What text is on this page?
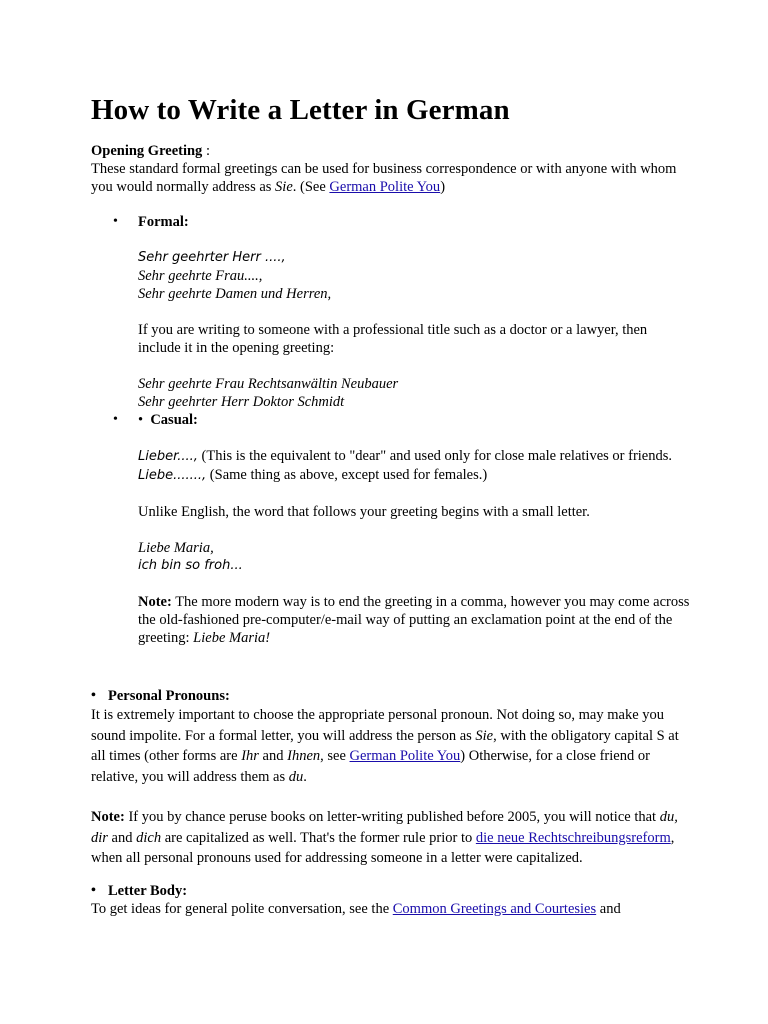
How to Write a Letter in German

Opening Greeting :

These standard formal greetings can be used for business correspondence or with anyone with whom you would normally address as Sie. (See German Polite You)

• Formal:

Sehr geehrter Herr ....,

Sehr geehrte Frau....,

Sehr geehrte Damen und Herren,

If you are writing to someone with a professional title such as a doctor or a lawyer, then include it in the opening greeting:

Sehr geehrte Frau Rechtsanwältin Neubauer

Sehr geehrter Herr Doktor Schmidt

• •  Casual:

Lieber...., (This is the equivalent to "dear" and used only for close male relatives or friends.

Liebe......., (Same thing as above, except used for females.)

Unlike English, the word that follows your greeting begins with a small letter.

Liebe Maria,

ich bin so froh...

Note: The more modern way is to end the greeting in a comma, however you may come across the old-fashioned pre-computer/e-mail way of putting an exclamation point at the end of the greeting: Liebe Maria!

• Personal Pronouns:

It is extremely important to choose the appropriate personal pronoun. Not doing so, may make you sound impolite. For a formal letter, you will address the person as Sie, with the obligatory capital S at all times (other forms are Ihr and Ihnen, see German Polite You) Otherwise, for a close friend or relative, you will address them as du.

Note: If you by chance peruse books on letter-writing published before 2005, you will notice that du, dir and dich are capitalized as well. That's the former rule prior to die neue Rechtschreibungsreform, when all personal pronouns used for addressing someone in a letter were capitalized.

• Letter Body:

To get ideas for general polite conversation, see the Common Greetings and Courtesies and
